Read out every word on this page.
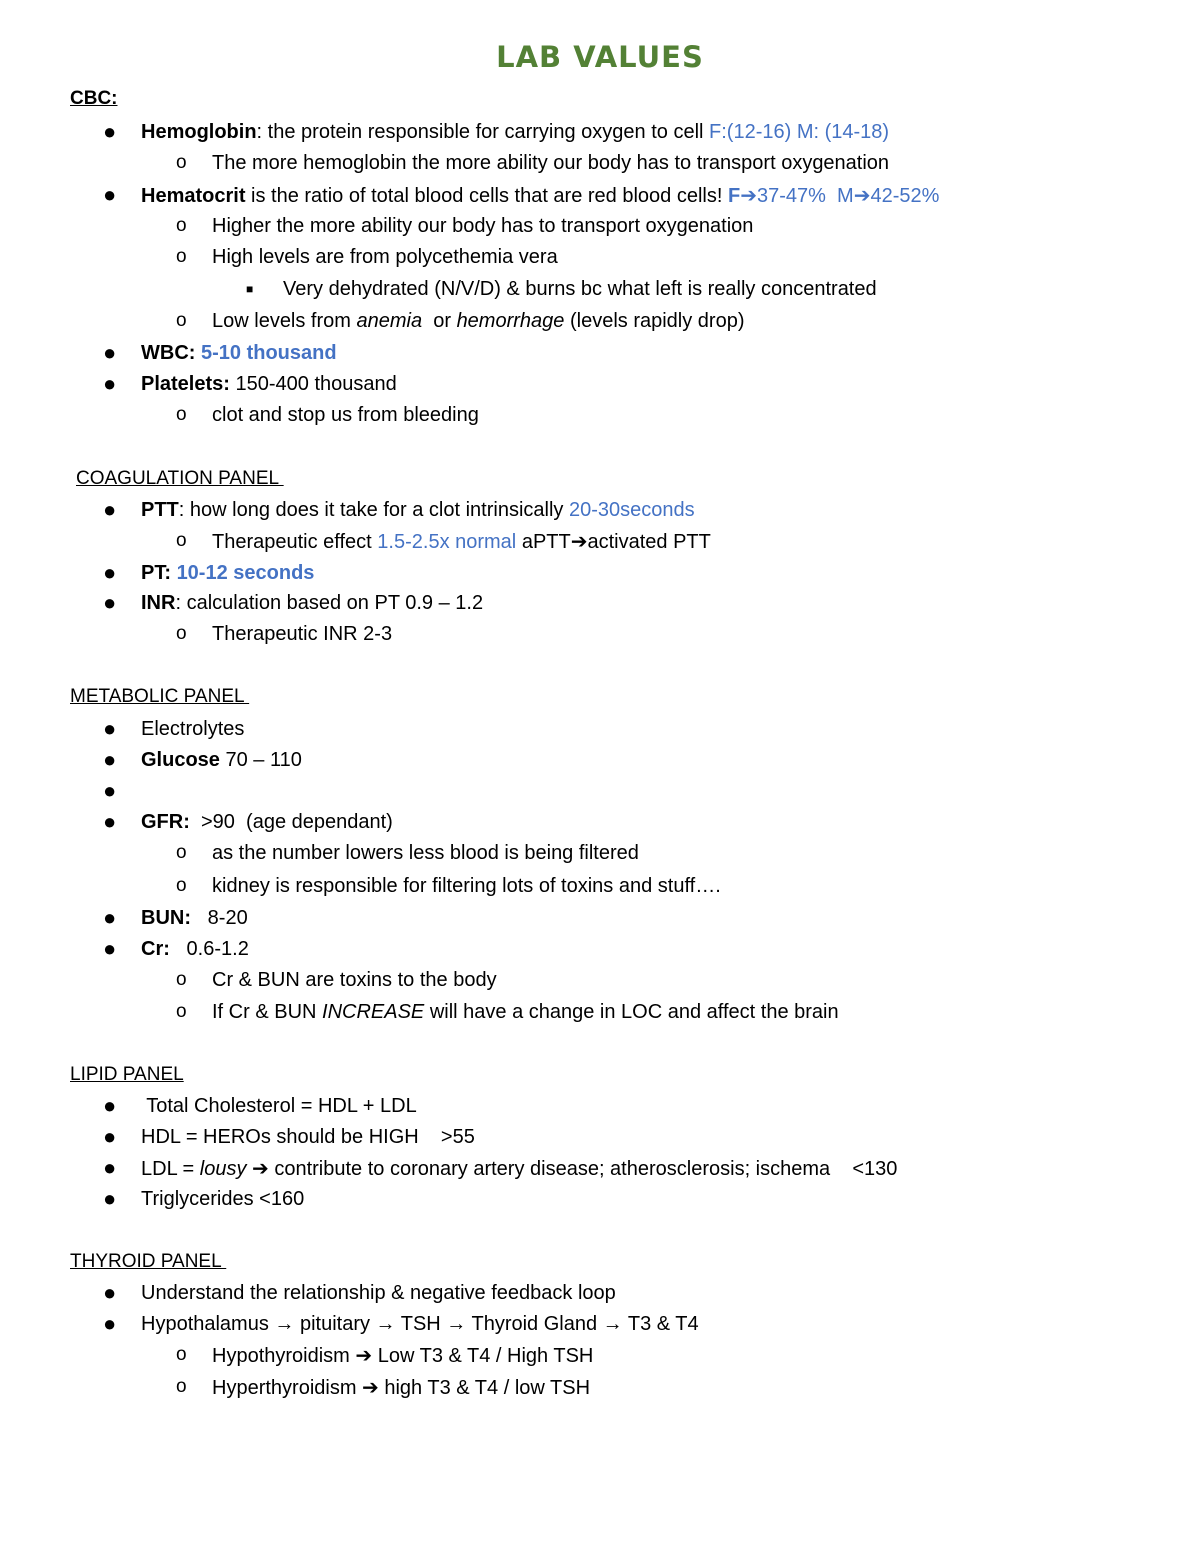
LAB VALUES
CBC:

●

Hemoglobin: the protein responsible for carrying oxygen to cell F:(12-16) M: (14-18)

o

The more hemoglobin the more ability our body has to transport oxygenation

●

Hematocrit is the ratio of total blood cells that are red blood cells! F➔37-47%  M➔42-52%

o

Higher the more ability our body has to transport oxygenation

o

High levels are from polycethemia vera

■

Very dehydrated (N/V/D) & burns bc what left is really concentrated

o

Low levels from anemia  or hemorrhage (levels rapidly drop)

●

WBC: 5-10 thousand

●

Platelets: 150-400 thousand

o

clot and stop us from bleeding

COAGULATION PANEL

●

PTT: how long does it take for a clot intrinsically 20-30seconds

o

Therapeutic effect 1.5-2.5x normal aPTT➔activated PTT

●

PT: 10-12 seconds

●

INR: calculation based on PT 0.9 – 1.2

o

Therapeutic INR 2-3

METABOLIC PANEL

●

Electrolytes

●

Glucose 70 – 110

●

●

GFR:  >90  (age dependant)

o

as the number lowers less blood is being filtered

o

kidney is responsible for filtering lots of toxins and stuff….

●

BUN:   8-20

●

Cr:   0.6-1.2

o

Cr & BUN are toxins to the body

o

If Cr & BUN INCREASE will have a change in LOC and affect the brain

LIPID PANEL

●

Total Cholesterol = HDL + LDL

●

HDL = HEROs should be HIGH    >55

●

LDL = lousy ➔ contribute to coronary artery disease; atherosclerosis; ischema    <130

●

Triglycerides <160

THYROID PANEL

●

Understand the relationship & negative feedback loop

●

Hypothalamus → pituitary → TSH → Thyroid Gland → T3 & T4

o

Hypothyroidism ➔ Low T3 & T4 / High TSH

o

Hyperthyroidism ➔ high T3 & T4 / low TSH
